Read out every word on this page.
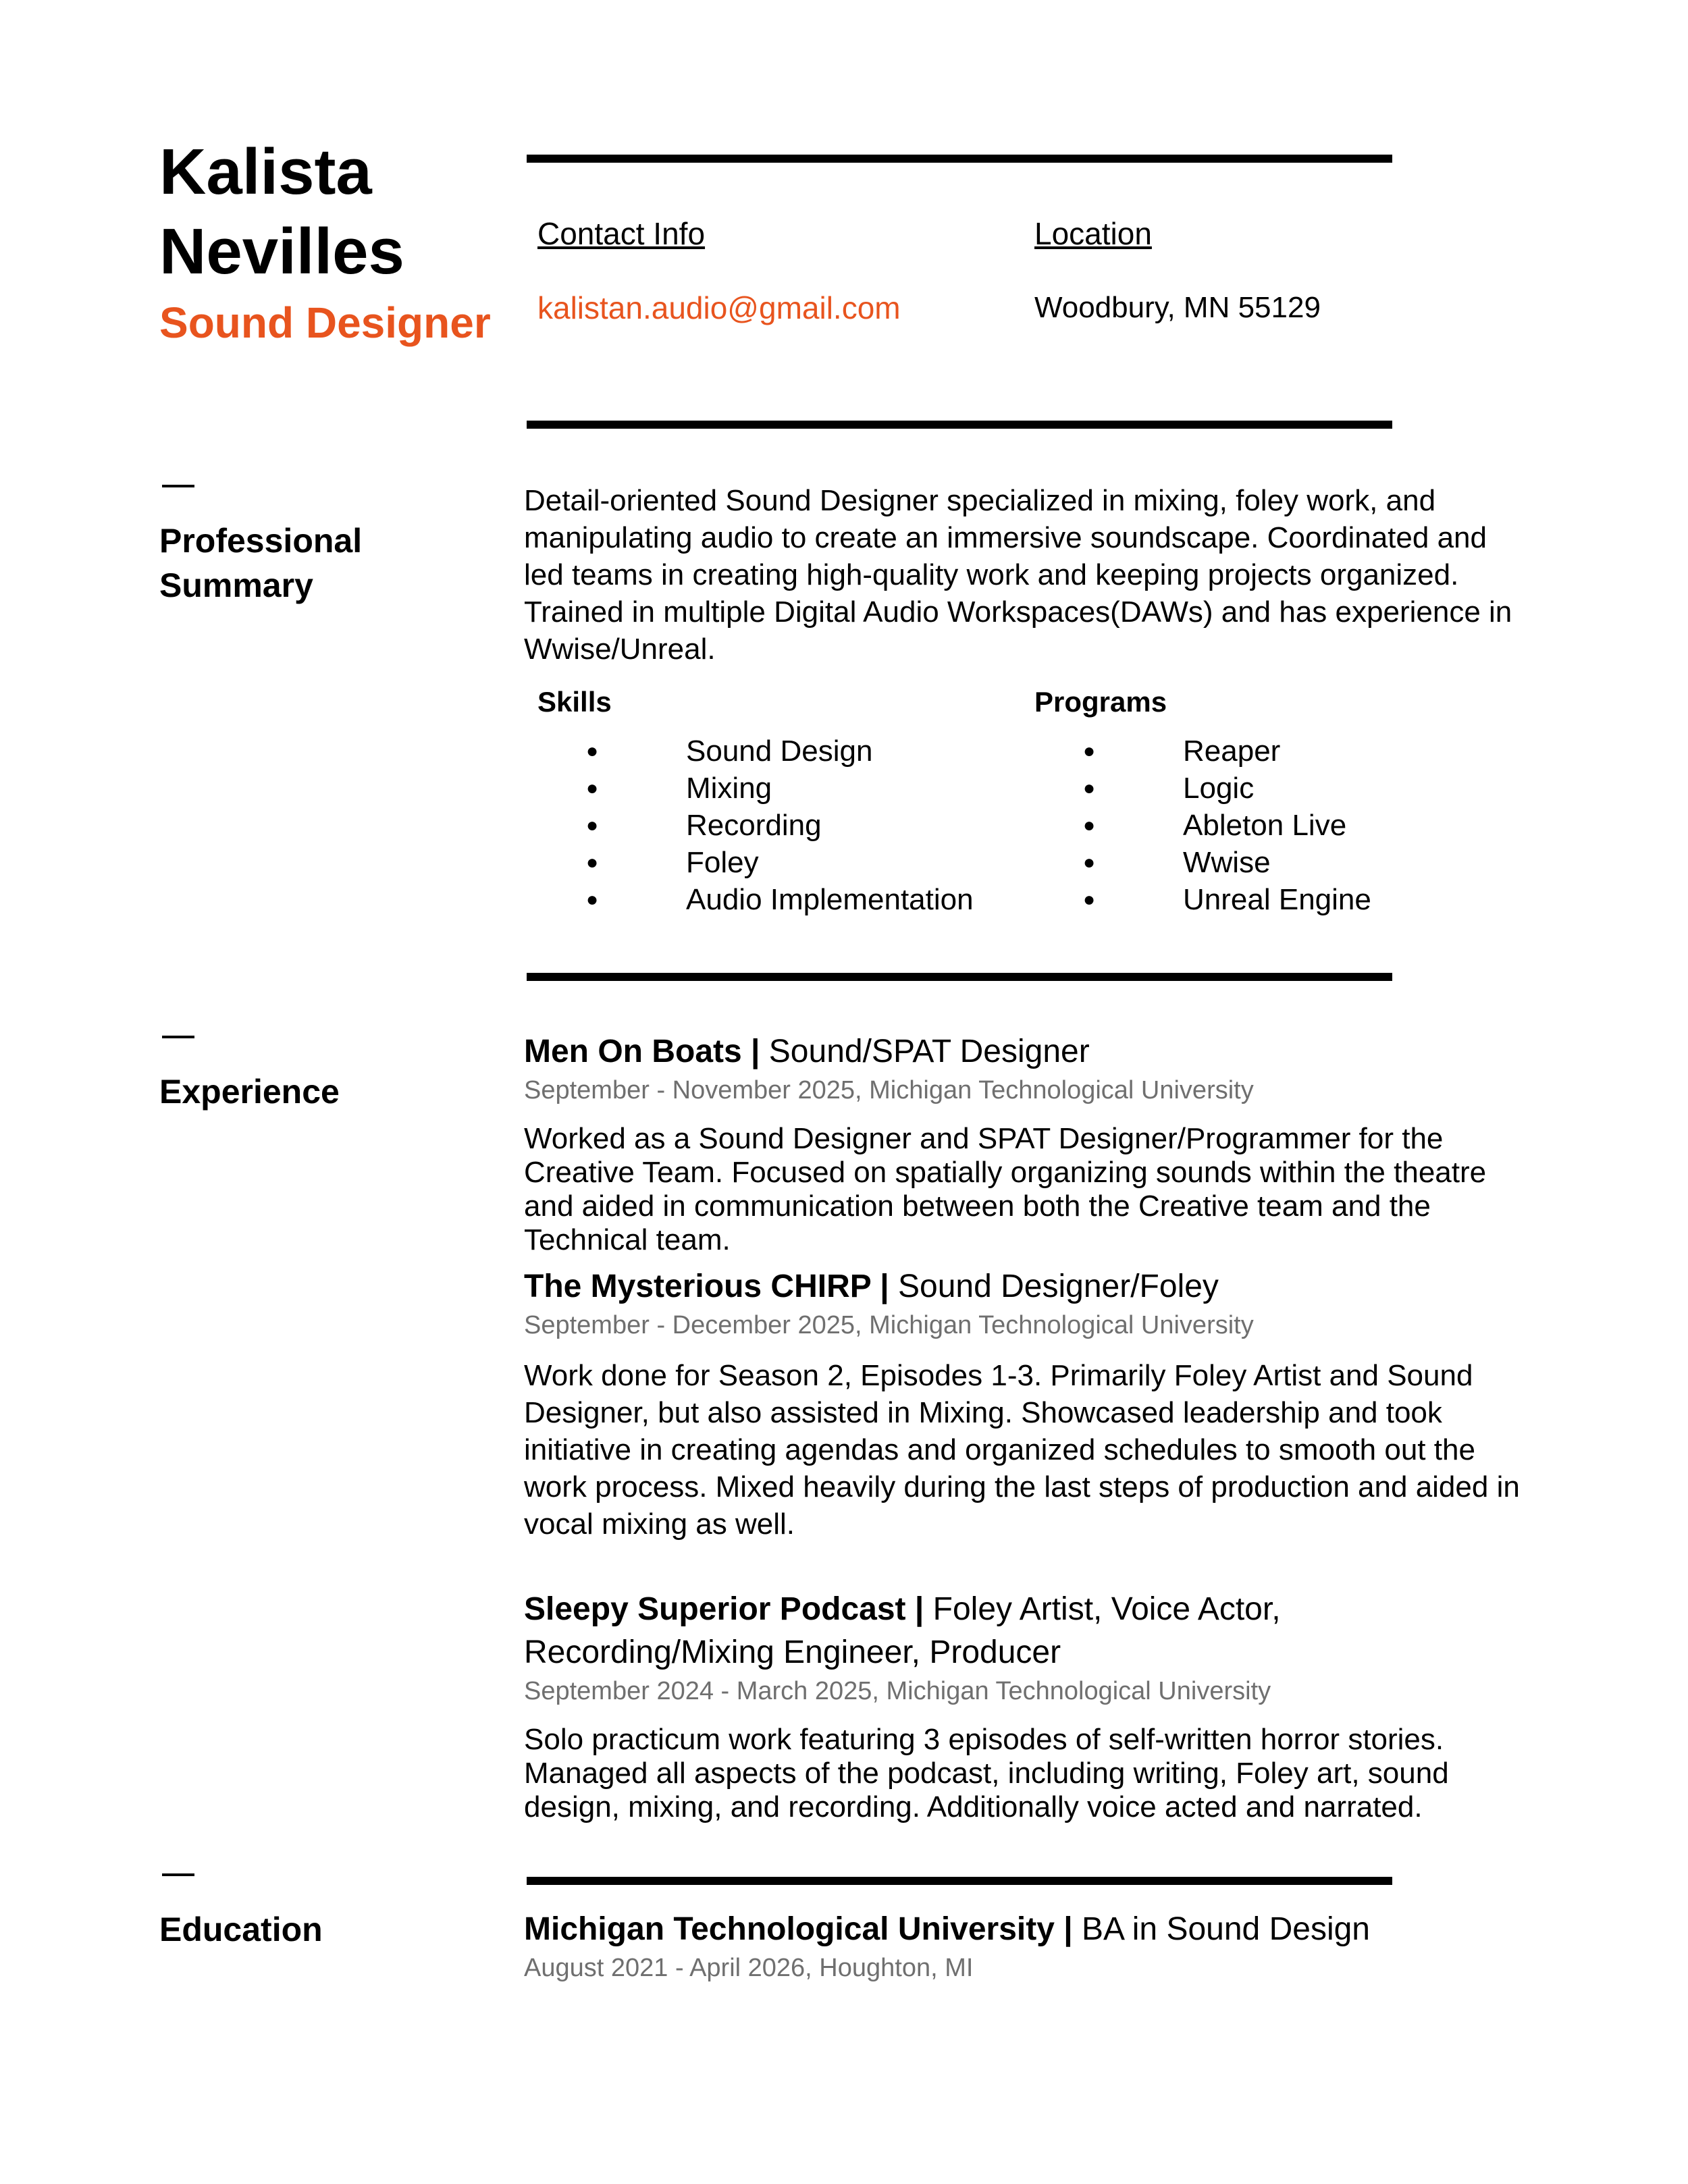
Kalista
Nevilles
Sound Designer
Contact Info
kalistan.audio@gmail.com
Location
Woodbury, MN 55129
Professional
Summary

Detail-oriented Sound Designer specialized in mixing, foley work, and manipulating audio to create an immersive soundscape. Coordinated and led teams in creating high-quality work and keeping projects organized. Trained in multiple Digital Audio Workspaces(DAWs) and has experience in Wwise/Unreal.

Skills
● Sound Design
● Mixing
● Recording
● Foley
● Audio Implementation
Programs
● Reaper
● Logic
● Ableton Live
● Wwise
● Unreal Engine
Experience

Men On Boats | Sound/SPAT Designer

September - November 2025, Michigan Technological University

Worked as a Sound Designer and SPAT Designer/Programmer for the Creative Team. Focused on spatially organizing sounds within the theatre and aided in communication between both the Creative team and the Technical team.

The Mysterious CHIRP | Sound Designer/Foley

September - December 2025, Michigan Technological University

Work done for Season 2, Episodes 1-3. Primarily Foley Artist and Sound Designer, but also assisted in Mixing. Showcased leadership and took initiative in creating agendas and organized schedules to smooth out the work process. Mixed heavily during the last steps of production and aided in vocal mixing as well.

Sleepy Superior Podcast | Foley Artist, Voice Actor, Recording/Mixing Engineer, Producer

September 2024 - March 2025, Michigan Technological University

Solo practicum work featuring 3 episodes of self-written horror stories. Managed all aspects of the podcast, including writing, Foley art, sound design, mixing, and recording. Additionally voice acted and narrated.

Education	Michigan Technological University | BA in Sound Design

August 2021 - April 2026, Houghton, MI
